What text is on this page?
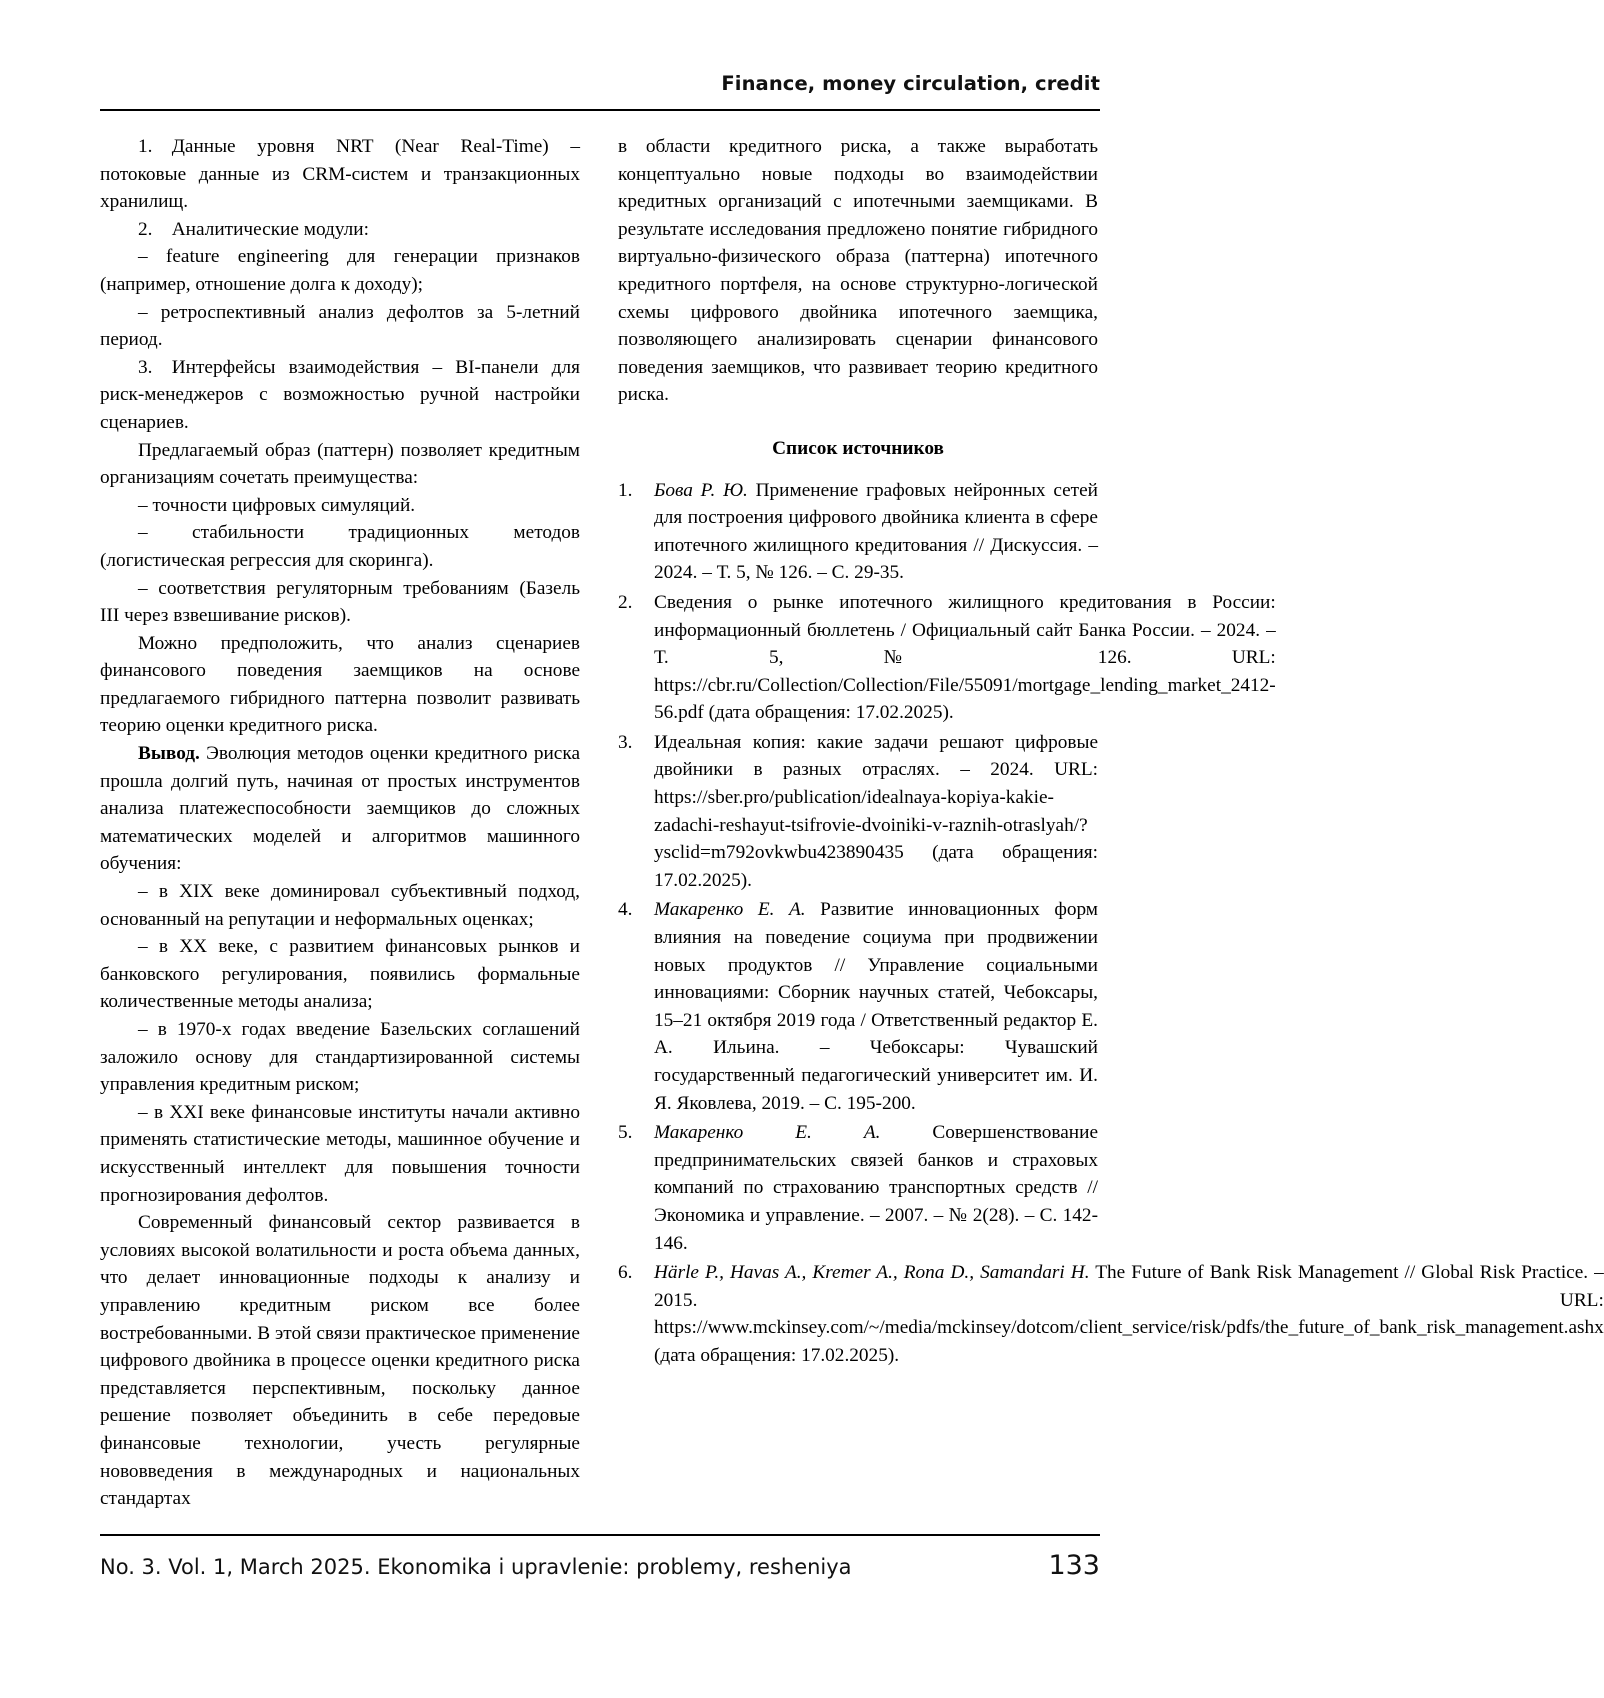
Finance, money circulation, credit

1. Данные уровня NRT (Near Real-Time) – потоковые данные из CRM-систем и транзакционных хранилищ.

2. Аналитические модули:

– feature engineering для генерации признаков (например, отношение долга к доходу);

– ретроспективный анализ дефолтов за 5-летний период.

3. Интерфейсы взаимодействия – BI-панели для риск-менеджеров с возможностью ручной настройки сценариев.

Предлагаемый образ (паттерн) позволяет кредитным организациям сочетать преимущества:

– точности цифровых симуляций.

– стабильности традиционных методов (логистическая регрессия для скоринга).

– соответствия регуляторным требованиям (Базель III через взвешивание рисков).

Можно предположить, что анализ сценариев финансового поведения заемщиков на основе предлагаемого гибридного паттерна позволит развивать теорию оценки кредитного риска.

Вывод. Эволюция методов оценки кредитного риска прошла долгий путь, начиная от простых инструментов анализа платежеспособности заемщиков до сложных математических моделей и алгоритмов машинного обучения:

– в XIX веке доминировал субъективный подход, основанный на репутации и неформальных оценках;

– в XX веке, с развитием финансовых рынков и банковского регулирования, появились формальные количественные методы анализа;

– в 1970-х годах введение Базельских соглашений заложило основу для стандартизированной системы управления кредитным риском;

– в XXI веке финансовые институты начали активно применять статистические методы, машинное обучение и искусственный интеллект для повышения точности прогнозирования дефолтов.

Современный финансовый сектор развивается в условиях высокой волатильности и роста объема данных, что делает инновационные подходы к анализу и управлению кредитным риском все более востребованными. В этой связи практическое применение цифрового двойника в процессе оценки кредитного риска представляется перспективным, поскольку данное решение позволяет объединить в себе передовые финансовые технологии, учесть регулярные нововведения в международных и национальных стандартах

в области кредитного риска, а также выработать концептуально новые подходы во взаимодействии кредитных организаций с ипотечными заемщиками. В результате исследования предложено понятие гибридного виртуально-физического образа (паттерна) ипотечного кредитного портфеля, на основе структурно-логической схемы цифрового двойника ипотечного заемщика, позволяющего анализировать сценарии финансового поведения заемщиков, что развивает теорию кредитного риска.

Список источников
1.	Бова Р. Ю. Применение графовых нейронных сетей для построения цифрового двойника клиента в сфере ипотечного жилищного кредитования // Дискуссия. – 2024. – Т. 5, № 126. – С. 29-35.
2.	Сведения о рынке ипотечного жилищного кредитования в России: информационный бюллетень / Официальный сайт Банка России. – 2024. – Т. 5, № 126. URL: https://cbr.ru/Collection/Collection/File/55091/mortgage_lending_market_2412-56.pdf (дата обращения: 17.02.2025).
3.	Идеальная копия: какие задачи решают цифровые двойники в разных отраслях. – 2024. URL: https://sber.pro/publication/idealnaya-kopiya-kakie-zadachi-reshayut-tsifrovie-dvoiniki-v-raznih-otraslyah/?ysclid=m792ovkwbu423890435 (дата обращения: 17.02.2025).
4.	Макаренко Е. А. Развитие инновационных форм влияния на поведение социума при продвижении новых продуктов // Управление социальными инновациями: Сборник научных статей, Чебоксары, 15–21 октября 2019 года / Ответственный редактор Е. А. Ильина. – Чебоксары: Чувашский государственный педагогический университет им. И. Я. Яковлева, 2019. – С. 195-200.
5.	Макаренко Е. А. Совершенствование предпринимательских связей банков и страховых компаний по страхованию транспортных средств // Экономика и управление. – 2007. – № 2(28). – С. 142-146.
6.	Härle P., Havas A., Kremer A., Rona D., Samandari H. The Future of Bank Risk Management // Global Risk Practice. – 2015. URL: https://www.mckinsey.com/~/media/mckinsey/dotcom/client_service/risk/pdfs/the_future_of_bank_risk_management.ashx (дата обращения: 17.02.2025).
No. 3. Vol. 1, March 2025. Ekonomika i upravlenie: problemy, resheniya	133
